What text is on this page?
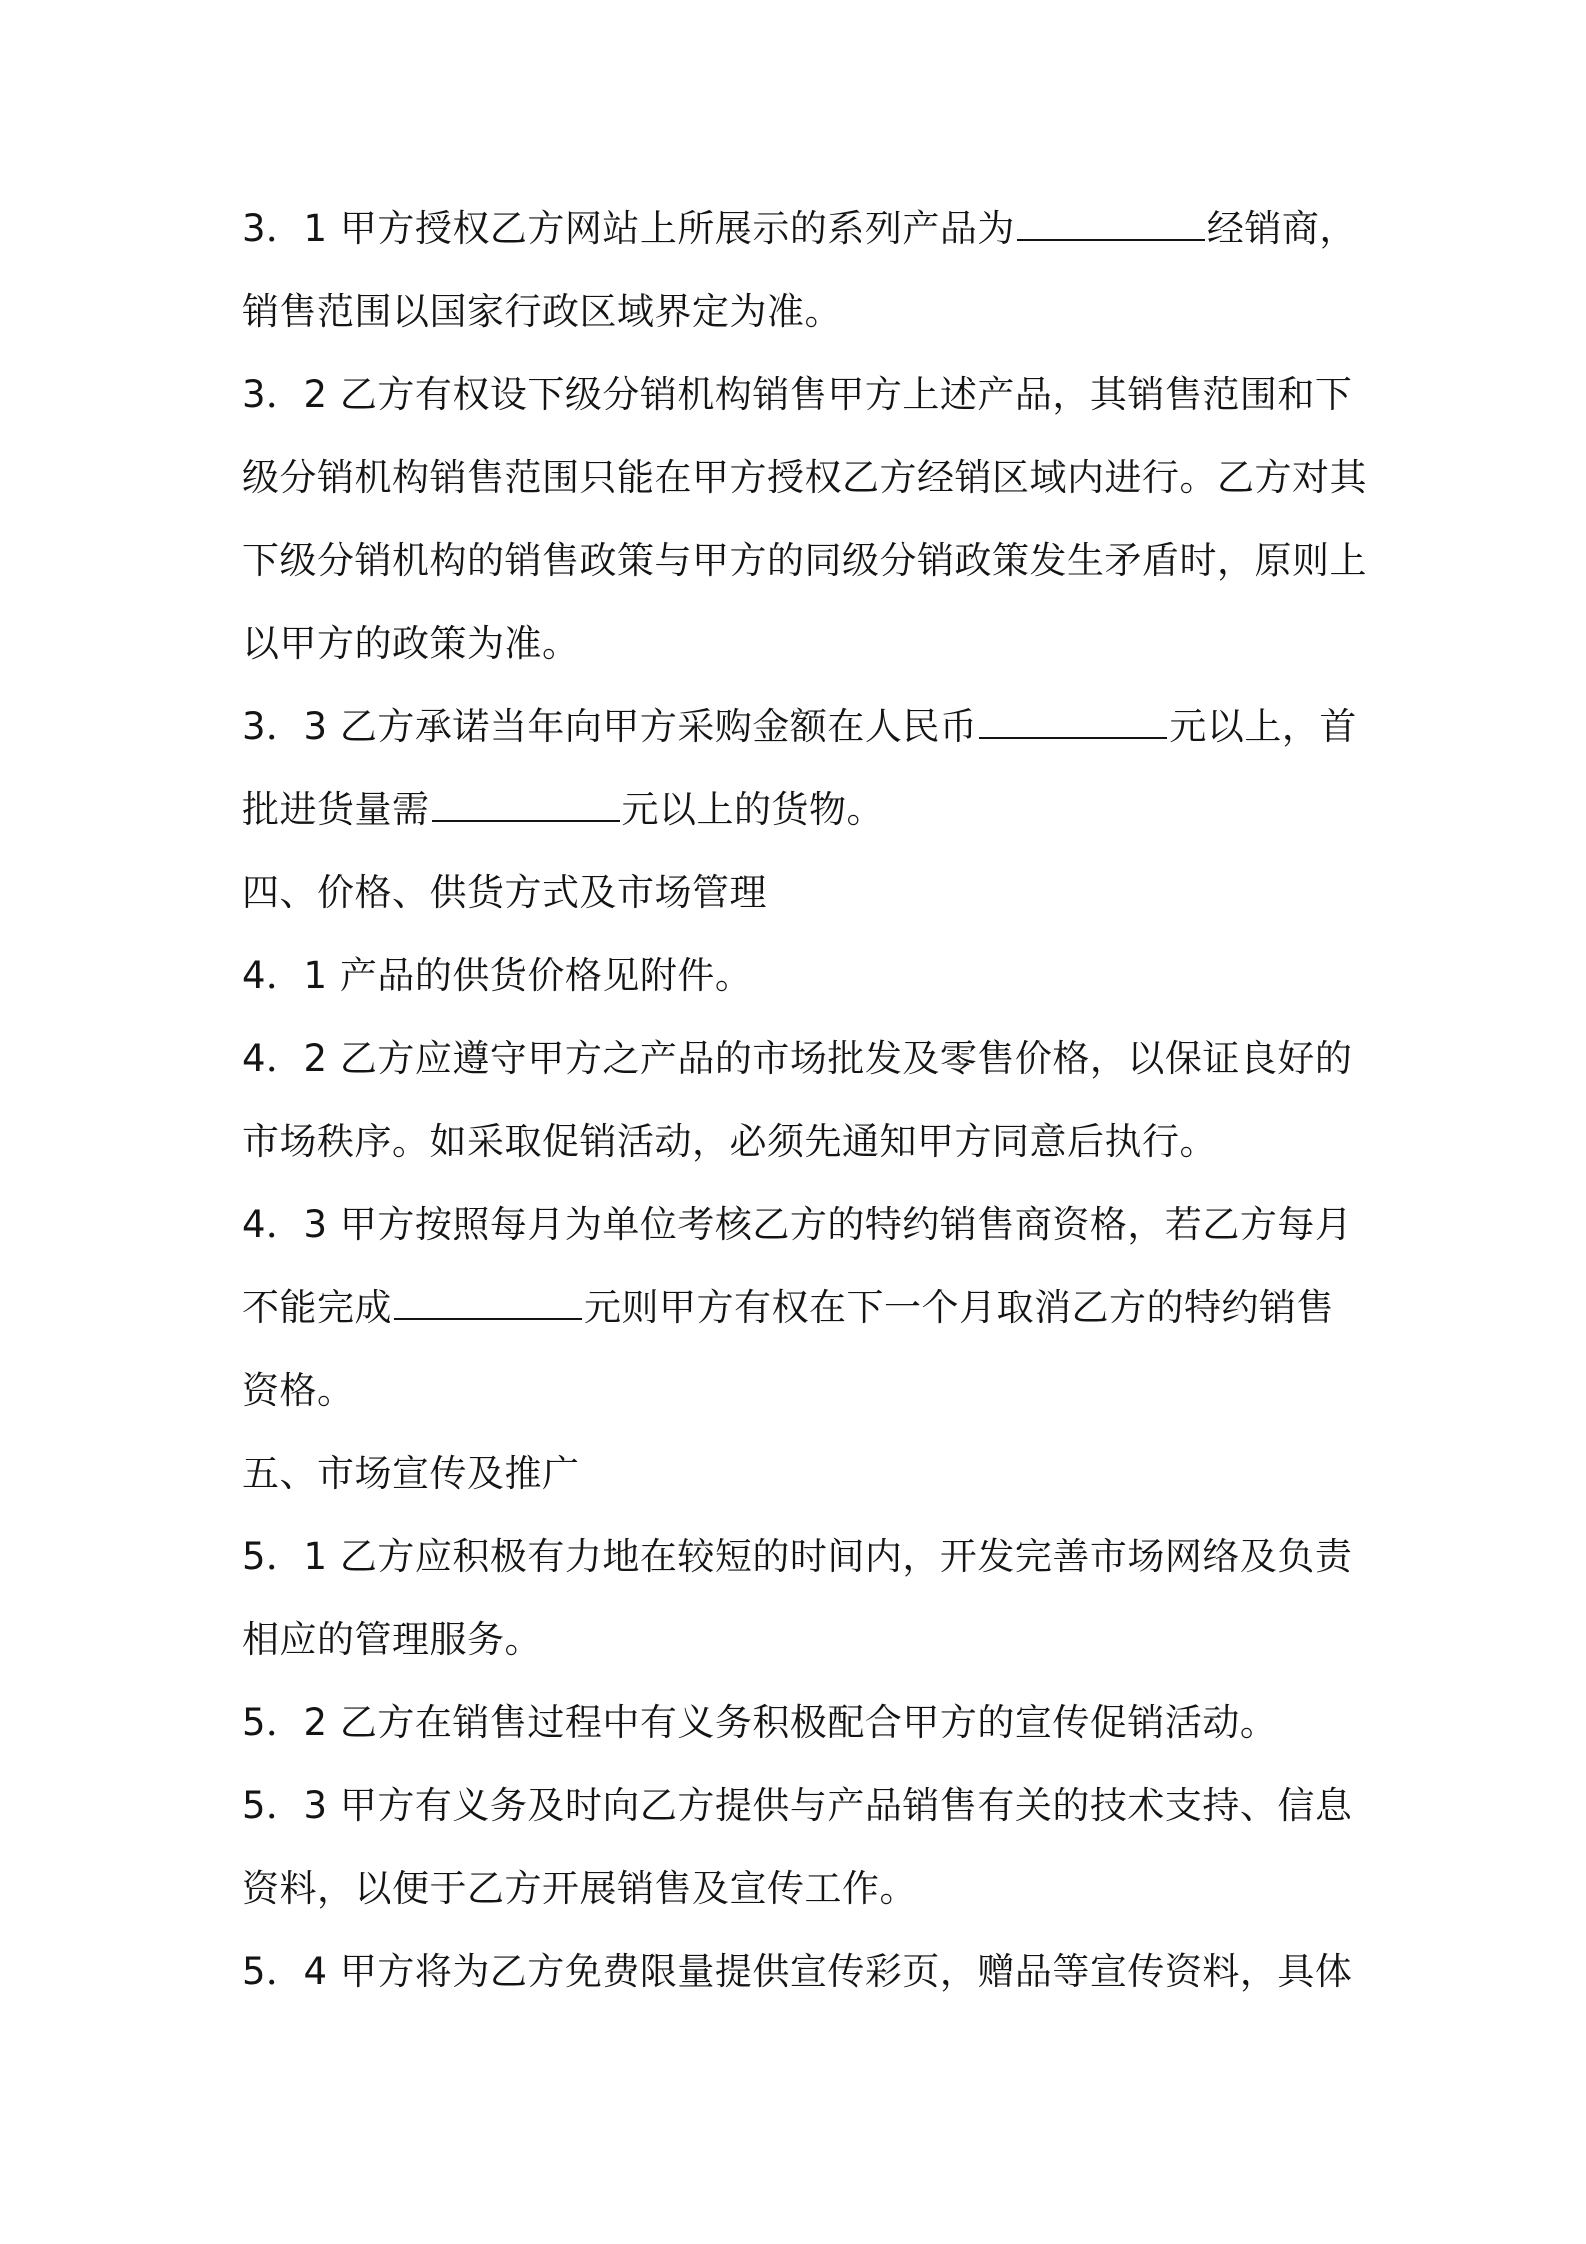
3．1 甲方授权乙方网站上所展示的系列产品为	经销商，
销售范围以国家行政区域界定为准。
3．2 乙方有权设下级分销机构销售甲方上述产品，其销售范围和下
级分销机构销售范围只能在甲方授权乙方经销区域内进行。乙方对其
下级分销机构的销售政策与甲方的同级分销政策发生矛盾时，原则上
以甲方的政策为准。
3．3 乙方承诺当年向甲方采购金额在人民币	元以上，首
批进货量需	元以上的货物。
四、价格、供货方式及市场管理
4．1 产品的供货价格见附件。
4．2 乙方应遵守甲方之产品的市场批发及零售价格，以保证良好的
市场秩序。如采取促销活动，必须先通知甲方同意后执行。
4．3 甲方按照每月为单位考核乙方的特约销售商资格，若乙方每月
不能完成	元则甲方有权在下一个月取消乙方的特约销售
资格。
五、市场宣传及推广
5．1 乙方应积极有力地在较短的时间内，开发完善市场网络及负责
相应的管理服务。
5．2 乙方在销售过程中有义务积极配合甲方的宣传促销活动。
5．3 甲方有义务及时向乙方提供与产品销售有关的技术支持、信息
资料，以便于乙方开展销售及宣传工作。
5．4 甲方将为乙方免费限量提供宣传彩页，赠品等宣传资料，具体
